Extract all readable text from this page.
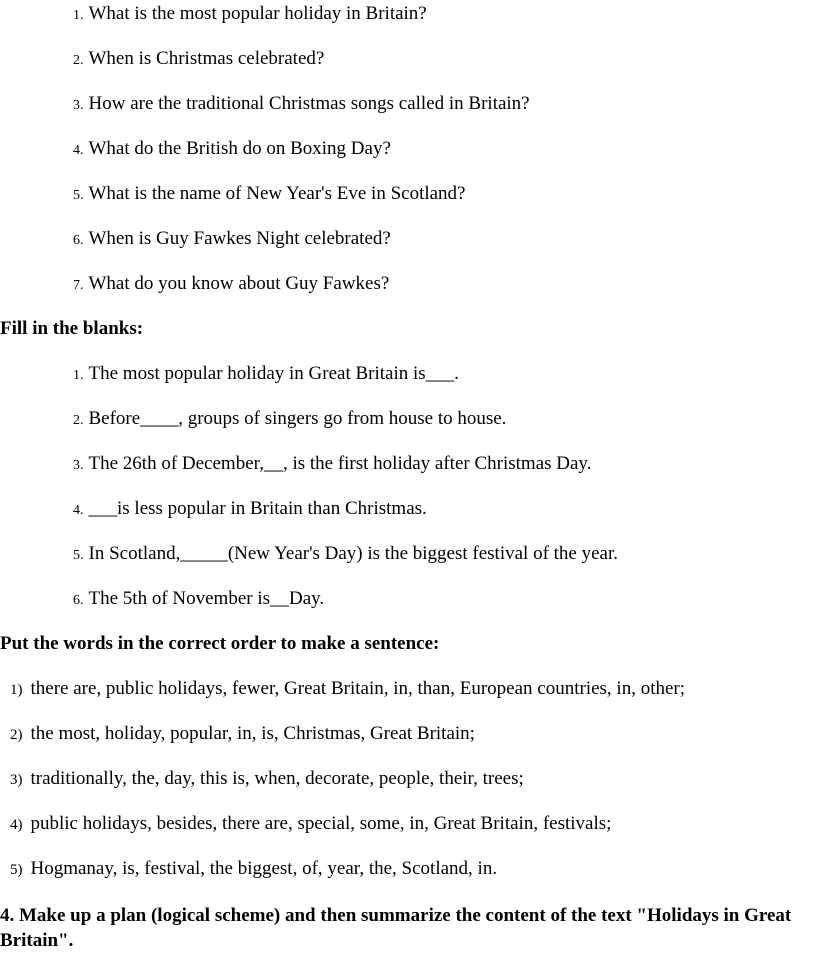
1. What is the most popular holiday in Britain?
2. When is Christmas celebrated?
3. How are the traditional Christmas songs called in Britain?
4. What do the British do on Boxing Day?
5. What is the name of New Year's Eve in Scotland?
6. When is Guy Fawkes Night celebrated?
7. What do you know about Guy Fawkes?
Fill in the blanks:
1. The most popular holiday in Great Britain is___.
2. Before____, groups of singers go from house to house.
3. The 26th of December,__, is the first holiday after Christmas Day.
4. ___is less popular in Britain than Christmas.
5. In Scotland,_____(New Year's Day) is the biggest festival of the year.
6. The 5th of November is__Day.
Put the words in the correct order to make a sentence:
1) there are, public holidays, fewer, Great Britain, in, than, European countries, in, other;
2) the most, holiday, popular, in, is, Christmas, Great Britain;
3) traditionally, the, day, this is, when, decorate, people, their, trees;
4) public holidays, besides, there are, special, some, in, Great Britain, festivals;
5) Hogmanay, is, festival, the biggest, of, year, the, Scotland, in.
4. Make up a plan (logical scheme) and then summarize the content of the text "Holidays in Great Britain".
